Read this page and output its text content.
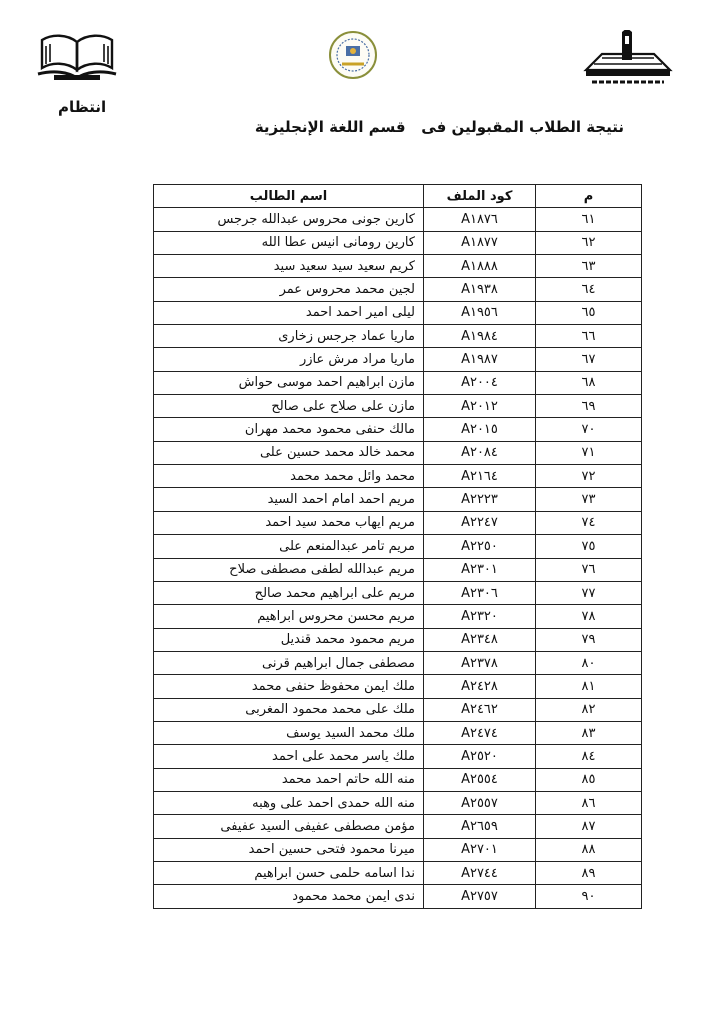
انتظام
نتيجة الطلاب المقبولين فى   قسم اللغة الإنجليزية
م	كود الملف	اسم الطالب
٦١	A١٨٧٦	كارين جونى محروس عبدالله جرجس
٦٢	A١٨٧٧	كارين رومانى انيس عطا الله
٦٣	A١٨٨٨	كريم سعيد سيد سعيد سيد
٦٤	A١٩٣٨	لجين محمد محروس عمر
٦٥	A١٩٥٦	ليلى امير احمد احمد
٦٦	A١٩٨٤	ماريا عماد جرجس زخارى
٦٧	A١٩٨٧	ماريا مراد مرش عازر
٦٨	A٢٠٠٤	مازن ابراهيم احمد موسى حواش
٦٩	A٢٠١٢	مازن على صلاح على صالح
٧٠	A٢٠١٥	مالك حنفى محمود محمد مهران
٧١	A٢٠٨٤	محمد خالد محمد حسين على
٧٢	A٢١٦٤	محمد وائل محمد محمد
٧٣	A٢٢٢٣	مريم احمد امام احمد السيد
٧٤	A٢٢٤٧	مريم ايهاب محمد سيد احمد
٧٥	A٢٢٥٠	مريم تامر عبدالمنعم على
٧٦	A٢٣٠١	مريم عبدالله لطفى مصطفى صلاح
٧٧	A٢٣٠٦	مريم على ابراهيم محمد صالح
٧٨	A٢٣٢٠	مريم محسن محروس ابراهيم
٧٩	A٢٣٤٨	مريم محمود محمد قنديل
٨٠	A٢٣٧٨	مصطفى جمال ابراهيم قرنى
٨١	A٢٤٢٨	ملك ايمن محفوظ حنفى محمد
٨٢	A٢٤٦٢	ملك على محمد محمود المغربى
٨٣	A٢٤٧٤	ملك محمد السيد يوسف
٨٤	A٢٥٢٠	ملك ياسر محمد على احمد
٨٥	A٢٥٥٤	منه الله حاتم احمد محمد
٨٦	A٢٥٥٧	منه الله حمدى احمد على وهبه
٨٧	A٢٦٥٩	مؤمن مصطفى عفيفى السيد عفيفى
٨٨	A٢٧٠١	ميرنا محمود فتحى حسين احمد
٨٩	A٢٧٤٤	ندا اسامه حلمى حسن ابراهيم
٩٠	A٢٧٥٧	ندى ايمن محمد محمود
